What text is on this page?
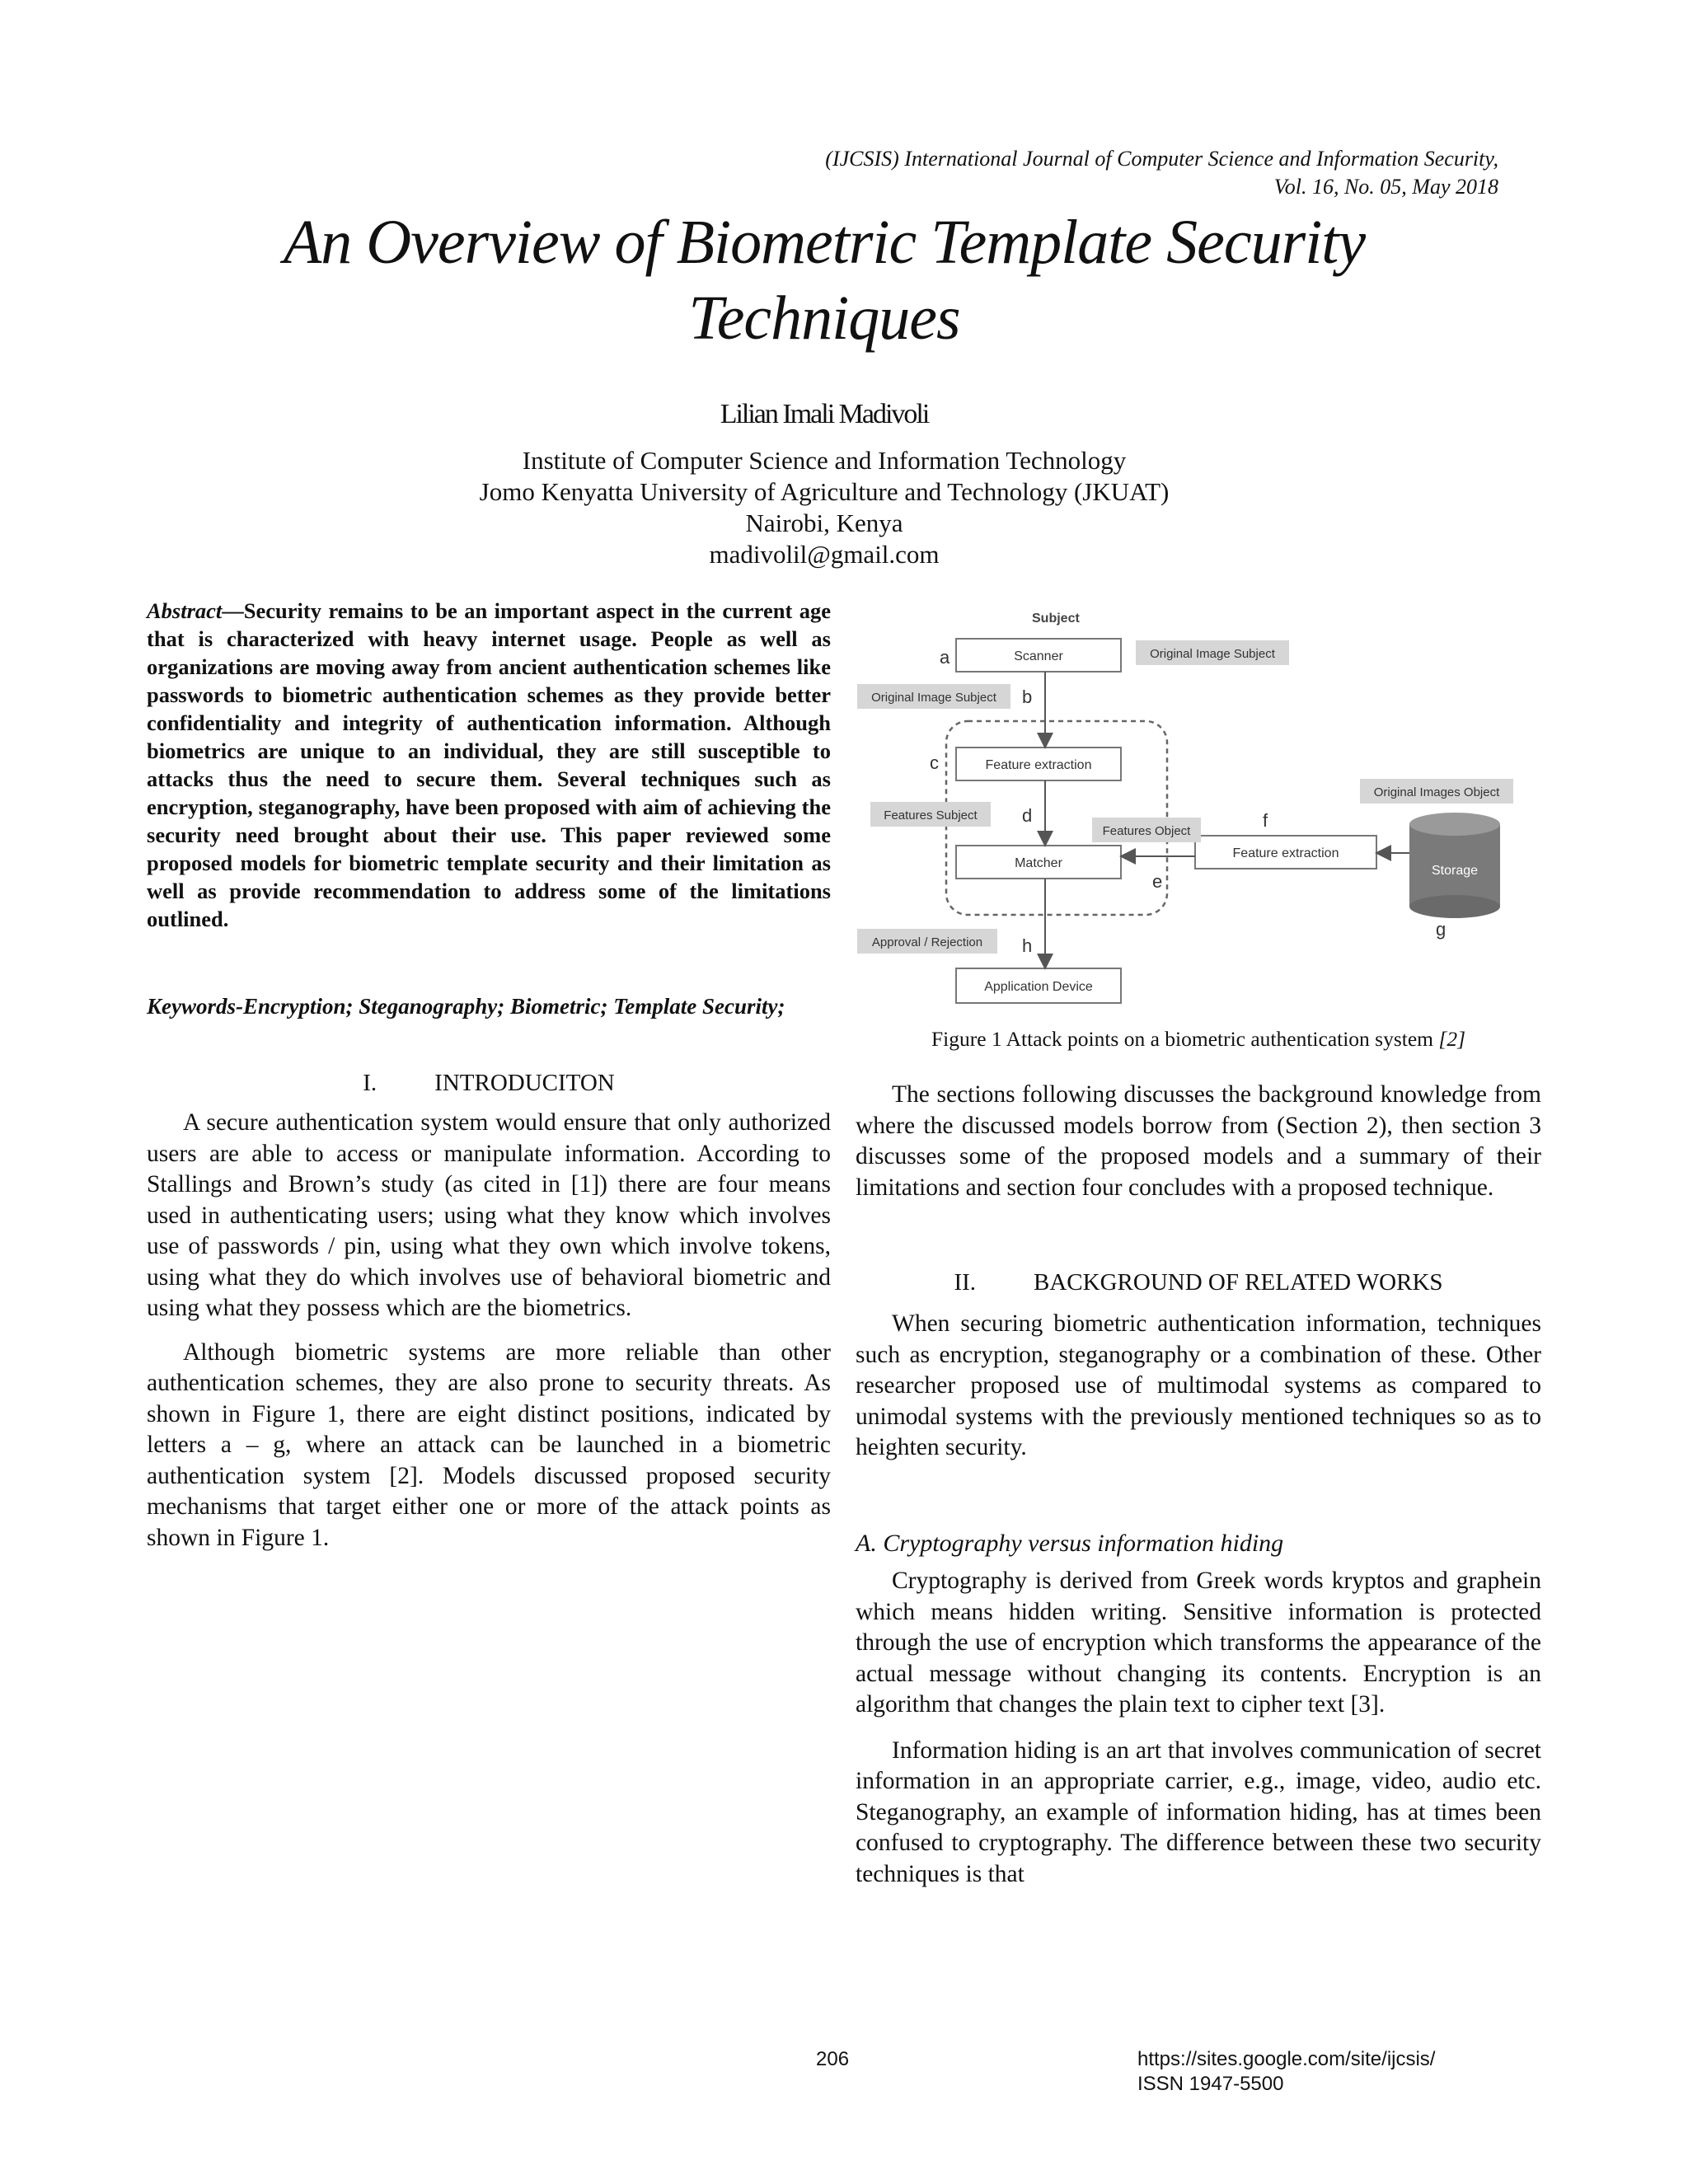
(IJCSIS) International Journal of Computer Science and Information Security,
Vol. 16, No. 05, May 2018
An Overview of Biometric Template Security
Techniques
Lilian Imali Madivoli
Institute of Computer Science and Information Technology
Jomo Kenyatta University of Agriculture and Technology (JKUAT)
Nairobi, Kenya
madivolil@gmail.com
Abstract—Security remains to be an important aspect in the current age that is characterized with heavy internet usage. People as well as organizations are moving away from ancient authentication schemes like passwords to biometric authentication schemes as they provide better confidentiality and integrity of authentication information. Although biometrics are unique to an individual, they are still susceptible to attacks thus the need to secure them. Several techniques such as encryption, steganography, have been proposed with aim of achieving the security need brought about their use. This paper reviewed some proposed models for biometric template security and their limitation as well as provide recommendation to address some of the limitations outlined.
Keywords-Encryption; Steganography; Biometric; Template Security;
I. INTRODUCITON

A secure authentication system would ensure that only authorized users are able to access or manipulate information. According to Stallings and Brown’s study (as cited in [1]) there are four means used in authenticating users; using what they know which involves use of passwords / pin, using what they own which involve tokens, using what they do which involves use of behavioral biometric and using what they possess which are the biometrics.

Although biometric systems are more reliable than other authentication schemes, they are also prone to security threats. As shown in Figure 1, there are eight distinct positions, indicated by letters a – g, where an attack can be launched in a biometric authentication system [2]. Models discussed proposed security mechanisms that target either one or more of the attack points as shown in Figure 1.

Subject
Scanner
Feature extraction
Matcher
Feature extraction
Application Device
Storage
Original Image Subject
Original Image Subject
Features Subject
Features Object
Original Images Object
Approval / Rejection
a
b
c
d
e
f
g
h
Figure 1 Attack points on a biometric authentication system [2]

The sections following discusses the background knowledge from where the discussed models borrow from (Section 2), then section 3 discusses some of the proposed models and a summary of their limitations and section four concludes with a proposed technique.

II. BACKGROUND OF RELATED WORKS

When securing biometric authentication information, techniques such as encryption, steganography or a combination of these. Other researcher proposed use of multimodal systems as compared to unimodal systems with the previously mentioned techniques so as to heighten security.

A. Cryptography versus information hiding

Cryptography is derived from Greek words kryptos and graphein which means hidden writing. Sensitive information is protected through the use of encryption which transforms the appearance of the actual message without changing its contents. Encryption is an algorithm that changes the plain text to cipher text [3].

Information hiding is an art that involves communication of secret information in an appropriate carrier, e.g., image, video, audio etc. Steganography, an example of information hiding, has at times been confused to cryptography. The difference between these two security techniques is that

206	https://sites.google.com/site/ijcsis/
ISSN 1947-5500
